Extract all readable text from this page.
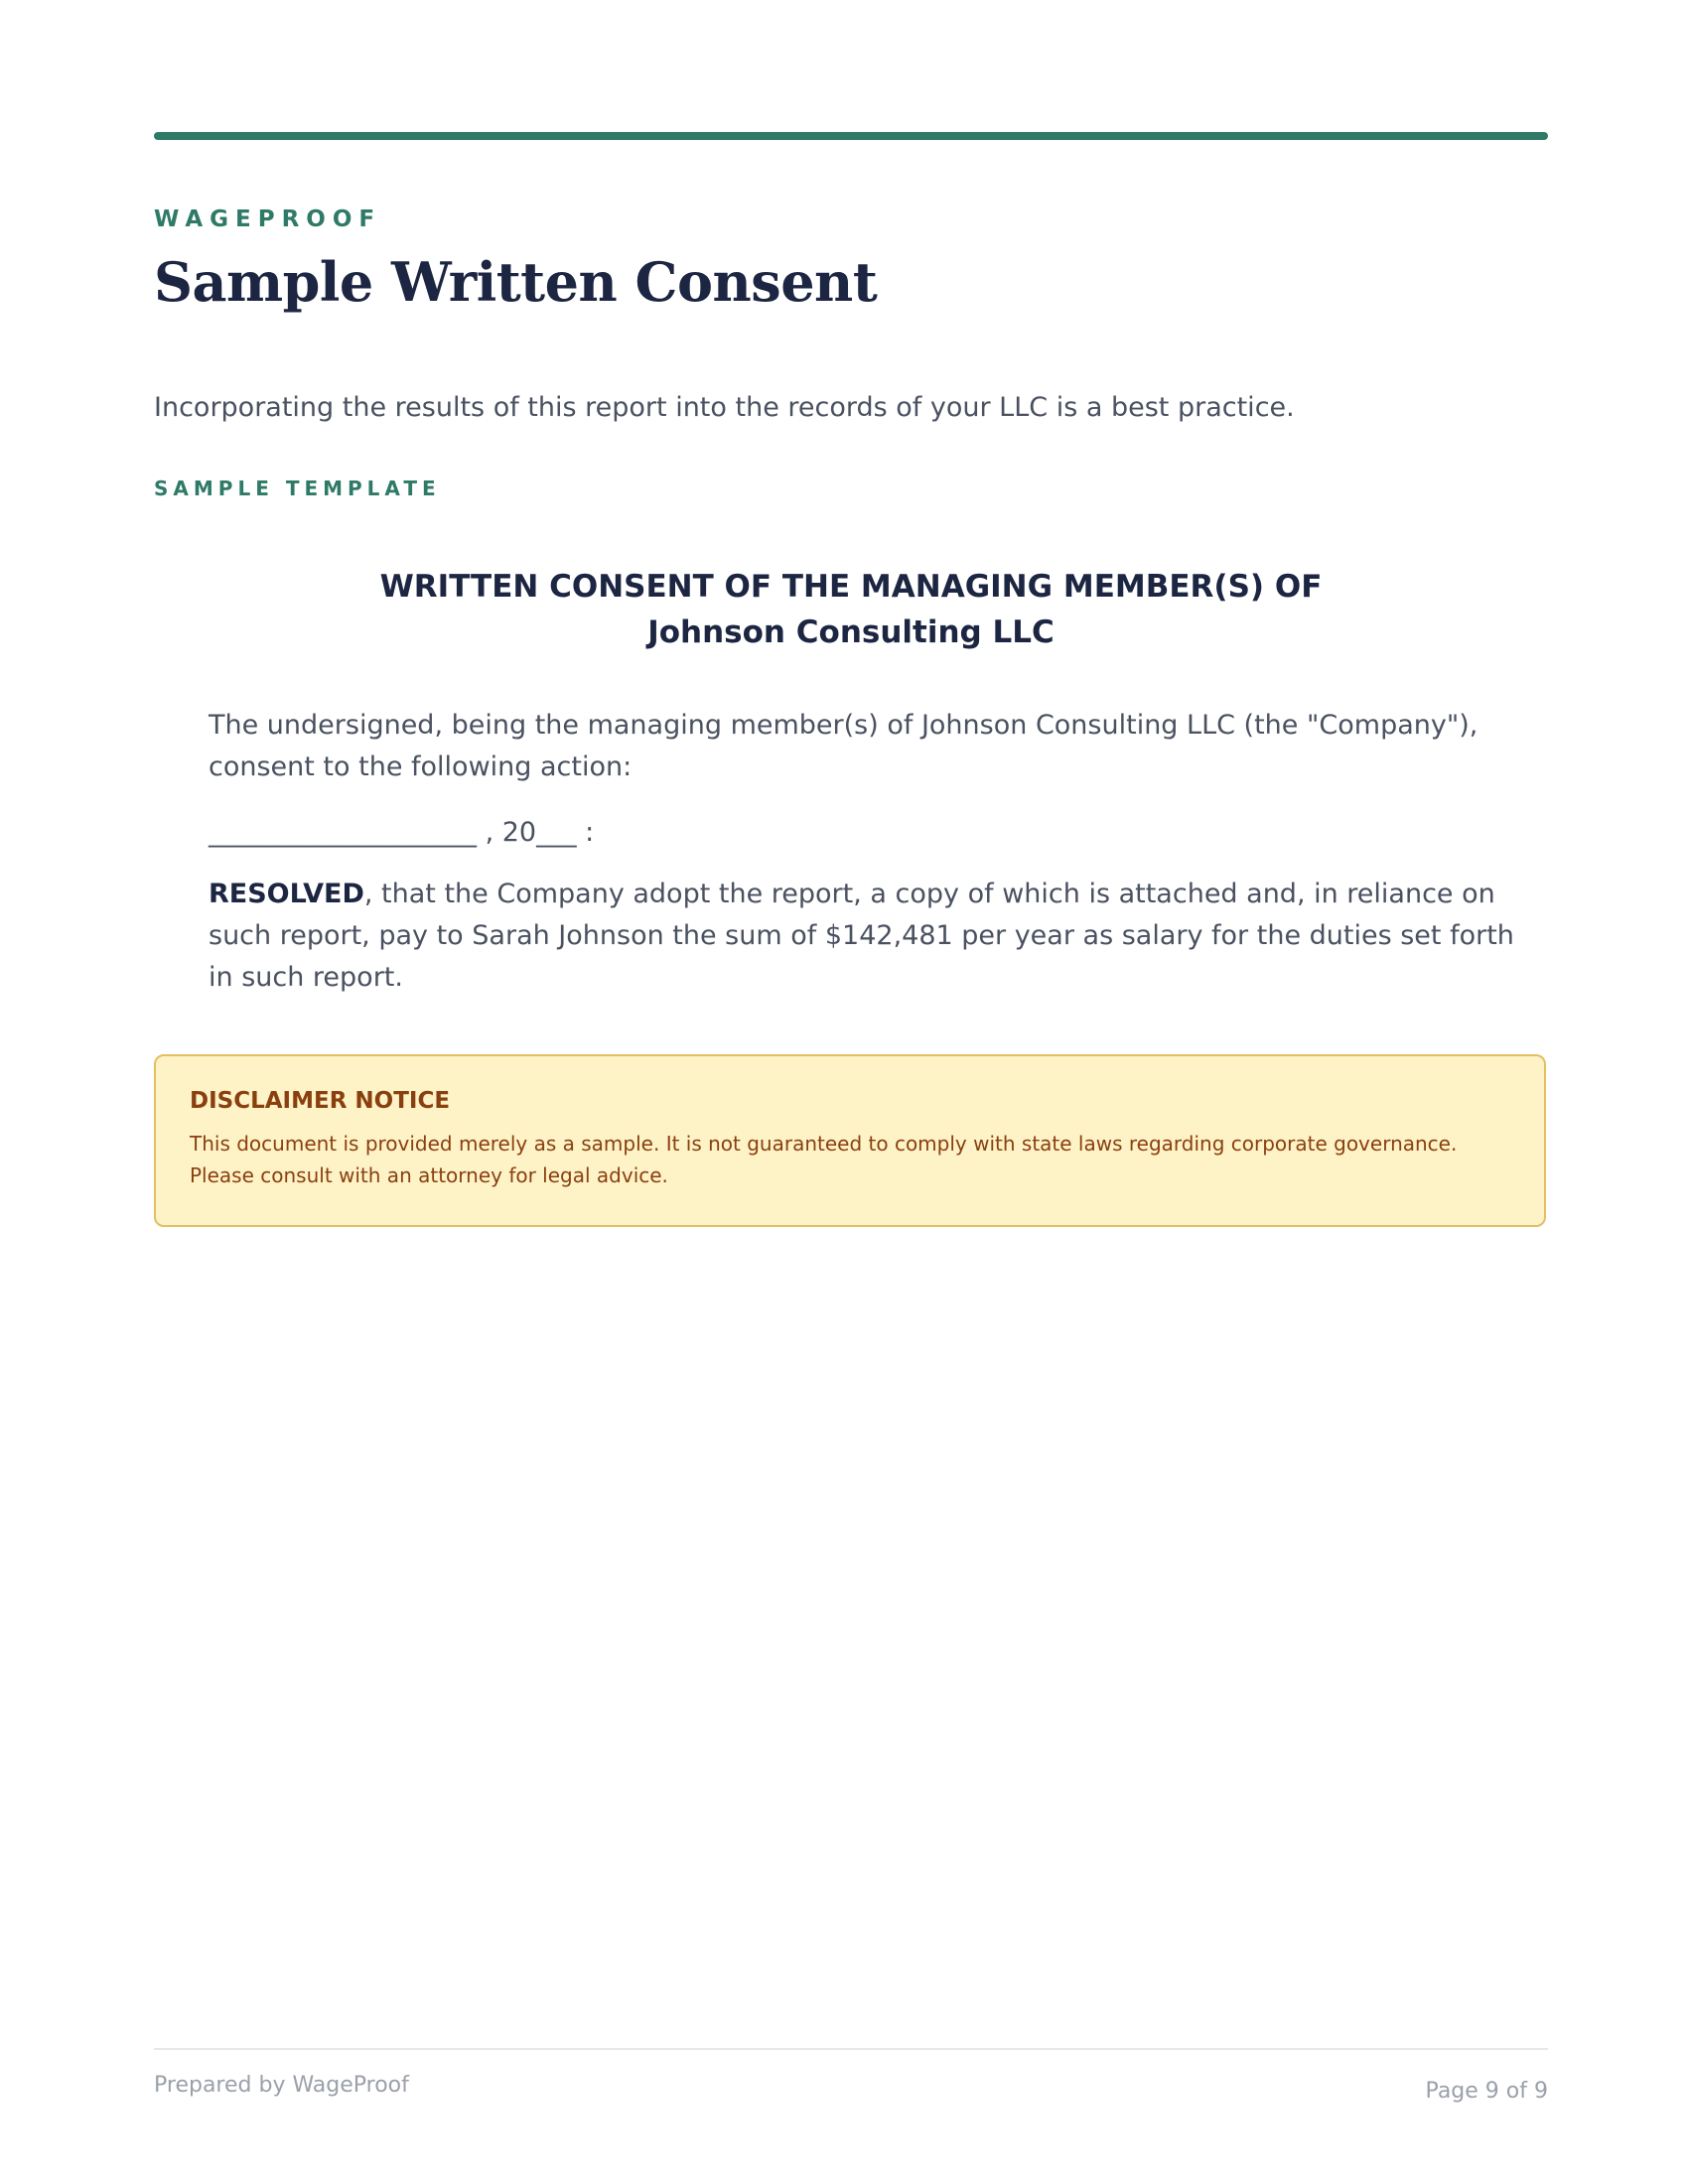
WAGEPROOF
Sample Written Consent
Incorporating the results of this report into the records of your LLC is a best practice.
SAMPLE TEMPLATE
WRITTEN CONSENT OF THE MANAGING MEMBER(S) OF
Johnson Consulting LLC
The undersigned, being the managing member(s) of Johnson Consulting LLC (the "Company"), consent to the following action:
____________________ , 20___ :
RESOLVED, that the Company adopt the report, a copy of which is attached and, in reliance on such report, pay to Sarah Johnson the sum of $142,481 per year as salary for the duties set forth in such report.
DISCLAIMER NOTICE
This document is provided merely as a sample. It is not guaranteed to comply with state laws regarding corporate governance. Please consult with an attorney for legal advice.
Prepared by WageProof	Page 9 of 9
